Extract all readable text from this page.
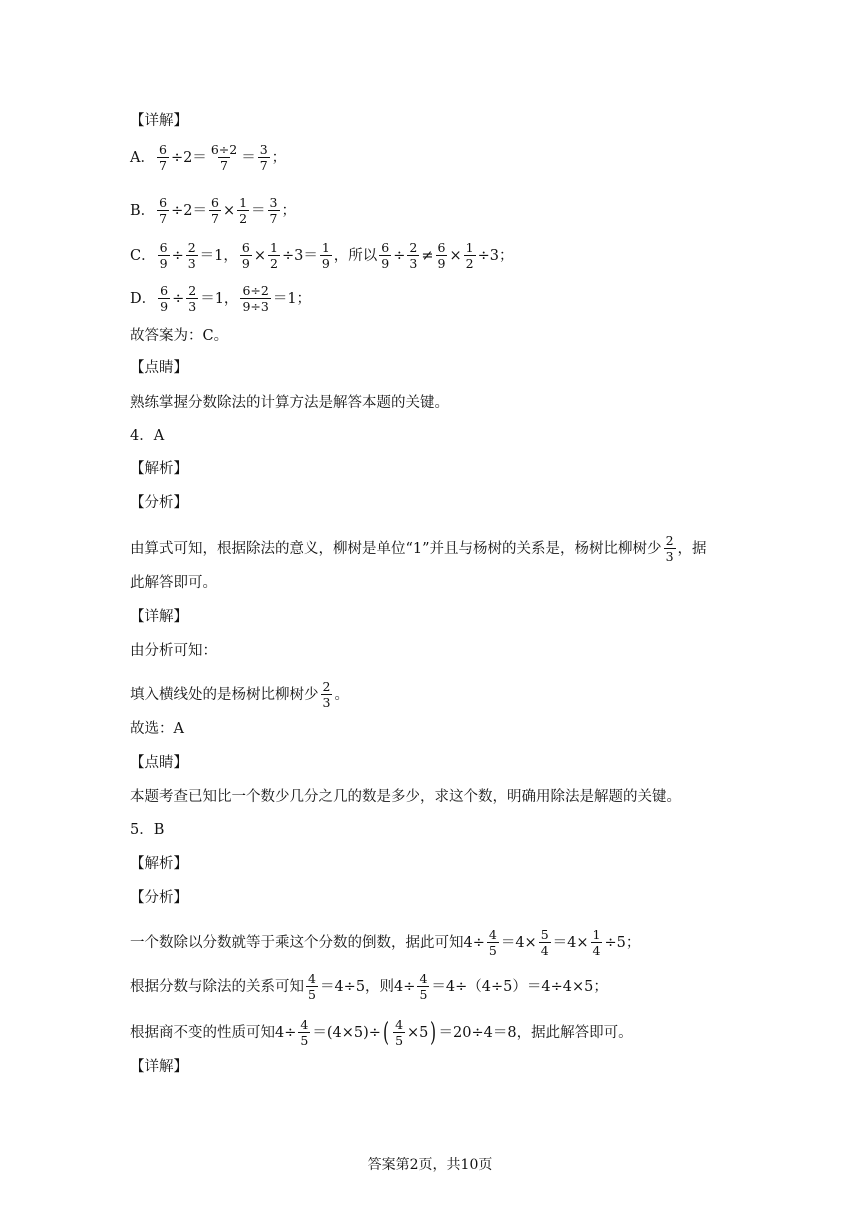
【详解】
A． $\frac{6}{7} \div 2= \frac{6\div 2}{7} = \frac{3}{7}$ ；
B． $\frac{6}{7} \div 2= \frac{6}{7} \times \frac{1}{2} = \frac{3}{7}$ ；
C． $\frac{6}{9} \div \frac{2}{3} =1$， $\frac{6}{9} \times \frac{1}{2} \div 3= \frac{1}{9}$ ，所以 $\frac{6}{9} \div \frac{2}{3} \ne \frac{6}{9} \times \frac{1}{2} \div 3$；
D． $\frac{6}{9} \div \frac{2}{3} =1$， $\frac{6\div 2}{9\div 3} =1$；
故答案为：C。
【点睛】
熟练掌握分数除法的计算方法是解答本题的关键。
4．A
【解析】
【分析】
由算式可知，根据除法的意义，柳树是单位“1”并且与杨树的关系是，杨树比柳树少 $\frac{2}{3}$ ，据
此解答即可。
【详解】
由分析可知：
填入横线处的是杨树比柳树少 $\frac{2}{3}$ 。
故选：A
【点睛】
本题考查已知比一个数少几分之几的数是多少，求这个数，明确用除法是解题的关键。
5．B
【解析】
【分析】
一个数除以分数就等于乘这个分数的倒数，据此可知$4\div \frac{4}{5} =4\times \frac{5}{4} =4\times \frac{1}{4} \div 5$；
根据分数与除法的关系可知 $\frac{4}{5} =4\div 5$，则$4\div \frac{4}{5} =4\div(4\div 5)=4\div 4\times 5$；
根据商不变的性质可知$4\div \frac{4}{5} = (4\times 5)$ ÷ ( $\frac{4}{5} \times 5$ ) ＝20÷4＝8，据此解答即可。
【详解】
答案第2页，共10页
